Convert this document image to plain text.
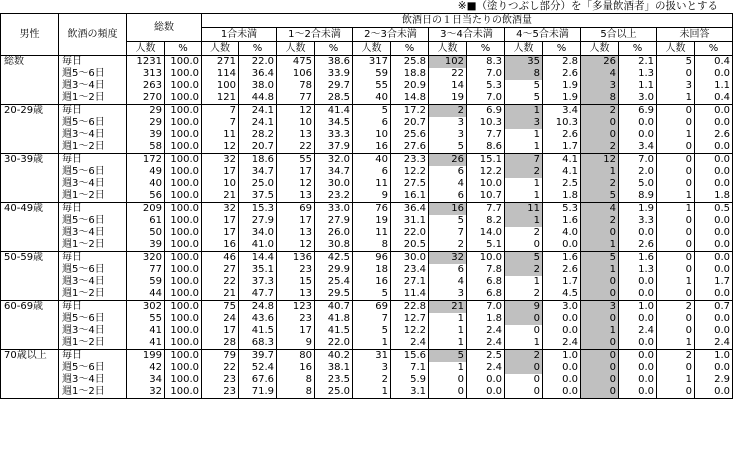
※■（塗りつぶし部分）を「多量飲酒者」の扱いとする
男性	飲酒の頻度	総数		飲酒日の１日当たりの飲酒量													
				1合未満		1～2合未満		2～3合未満		3～4合未満		4～5合未満		5合以上		未回答	
		人数	%	人数	%	人数	%	人数	%	人数	%	人数	%	人数	%	人数	%
総数	毎日	1231	100.0	271	22.0	475	38.6	317	25.8	102	8.3	35	2.8	26	2.1	5	0.4
	週5～6日	313	100.0	114	36.4	106	33.9	59	18.8	22	7.0	8	2.6	4	1.3	0	0.0
	週3～4日	263	100.0	100	38.0	78	29.7	55	20.9	14	5.3	5	1.9	3	1.1	3	1.1
	週1～2日	270	100.0	121	44.8	77	28.5	40	14.8	19	7.0	5	1.9	8	3.0	1	0.4
20-29歳	毎日	29	100.0	7	24.1	12	41.4	5	17.2	2	6.9	1	3.4	2	6.9	0	0.0
	週5～6日	29	100.0	7	24.1	10	34.5	6	20.7	3	10.3	3	10.3	0	0.0	0	0.0
	週3～4日	39	100.0	11	28.2	13	33.3	10	25.6	3	7.7	1	2.6	0	0.0	1	2.6
	週1～2日	58	100.0	12	20.7	22	37.9	16	27.6	5	8.6	1	1.7	2	3.4	0	0.0
30-39歳	毎日	172	100.0	32	18.6	55	32.0	40	23.3	26	15.1	7	4.1	12	7.0	0	0.0
	週5～6日	49	100.0	17	34.7	17	34.7	6	12.2	6	12.2	2	4.1	1	2.0	0	0.0
	週3～4日	40	100.0	10	25.0	12	30.0	11	27.5	4	10.0	1	2.5	2	5.0	0	0.0
	週1～2日	56	100.0	21	37.5	13	23.2	9	16.1	6	10.7	1	1.8	5	8.9	1	1.8
40-49歳	毎日	209	100.0	32	15.3	69	33.0	76	36.4	16	7.7	11	5.3	4	1.9	1	0.5
	週5～6日	61	100.0	17	27.9	17	27.9	19	31.1	5	8.2	1	1.6	2	3.3	0	0.0
	週3～4日	50	100.0	17	34.0	13	26.0	11	22.0	7	14.0	2	4.0	0	0.0	0	0.0
	週1～2日	39	100.0	16	41.0	12	30.8	8	20.5	2	5.1	0	0.0	1	2.6	0	0.0
50-59歳	毎日	320	100.0	46	14.4	136	42.5	96	30.0	32	10.0	5	1.6	5	1.6	0	0.0
	週5～6日	77	100.0	27	35.1	23	29.9	18	23.4	6	7.8	2	2.6	1	1.3	0	0.0
	週3～4日	59	100.0	22	37.3	15	25.4	16	27.1	4	6.8	1	1.7	0	0.0	1	1.7
	週1～2日	44	100.0	21	47.7	13	29.5	5	11.4	3	6.8	2	4.5	0	0.0	0	0.0
60-69歳	毎日	302	100.0	75	24.8	123	40.7	69	22.8	21	7.0	9	3.0	3	1.0	2	0.7
	週5～6日	55	100.0	24	43.6	23	41.8	7	12.7	1	1.8	0	0.0	0	0.0	0	0.0
	週3～4日	41	100.0	17	41.5	17	41.5	5	12.2	1	2.4	0	0.0	1	2.4	0	0.0
	週1～2日	41	100.0	28	68.3	9	22.0	1	2.4	1	2.4	1	2.4	0	0.0	1	2.4
70歳以上	毎日	199	100.0	79	39.7	80	40.2	31	15.6	5	2.5	2	1.0	0	0.0	2	1.0
	週5～6日	42	100.0	22	52.4	16	38.1	3	7.1	1	2.4	0	0.0	0	0.0	0	0.0
	週3～4日	34	100.0	23	67.6	8	23.5	2	5.9	0	0.0	0	0.0	0	0.0	1	2.9
	週1～2日	32	100.0	23	71.9	8	25.0	1	3.1	0	0.0	0	0.0	0	0.0	0	0.0
